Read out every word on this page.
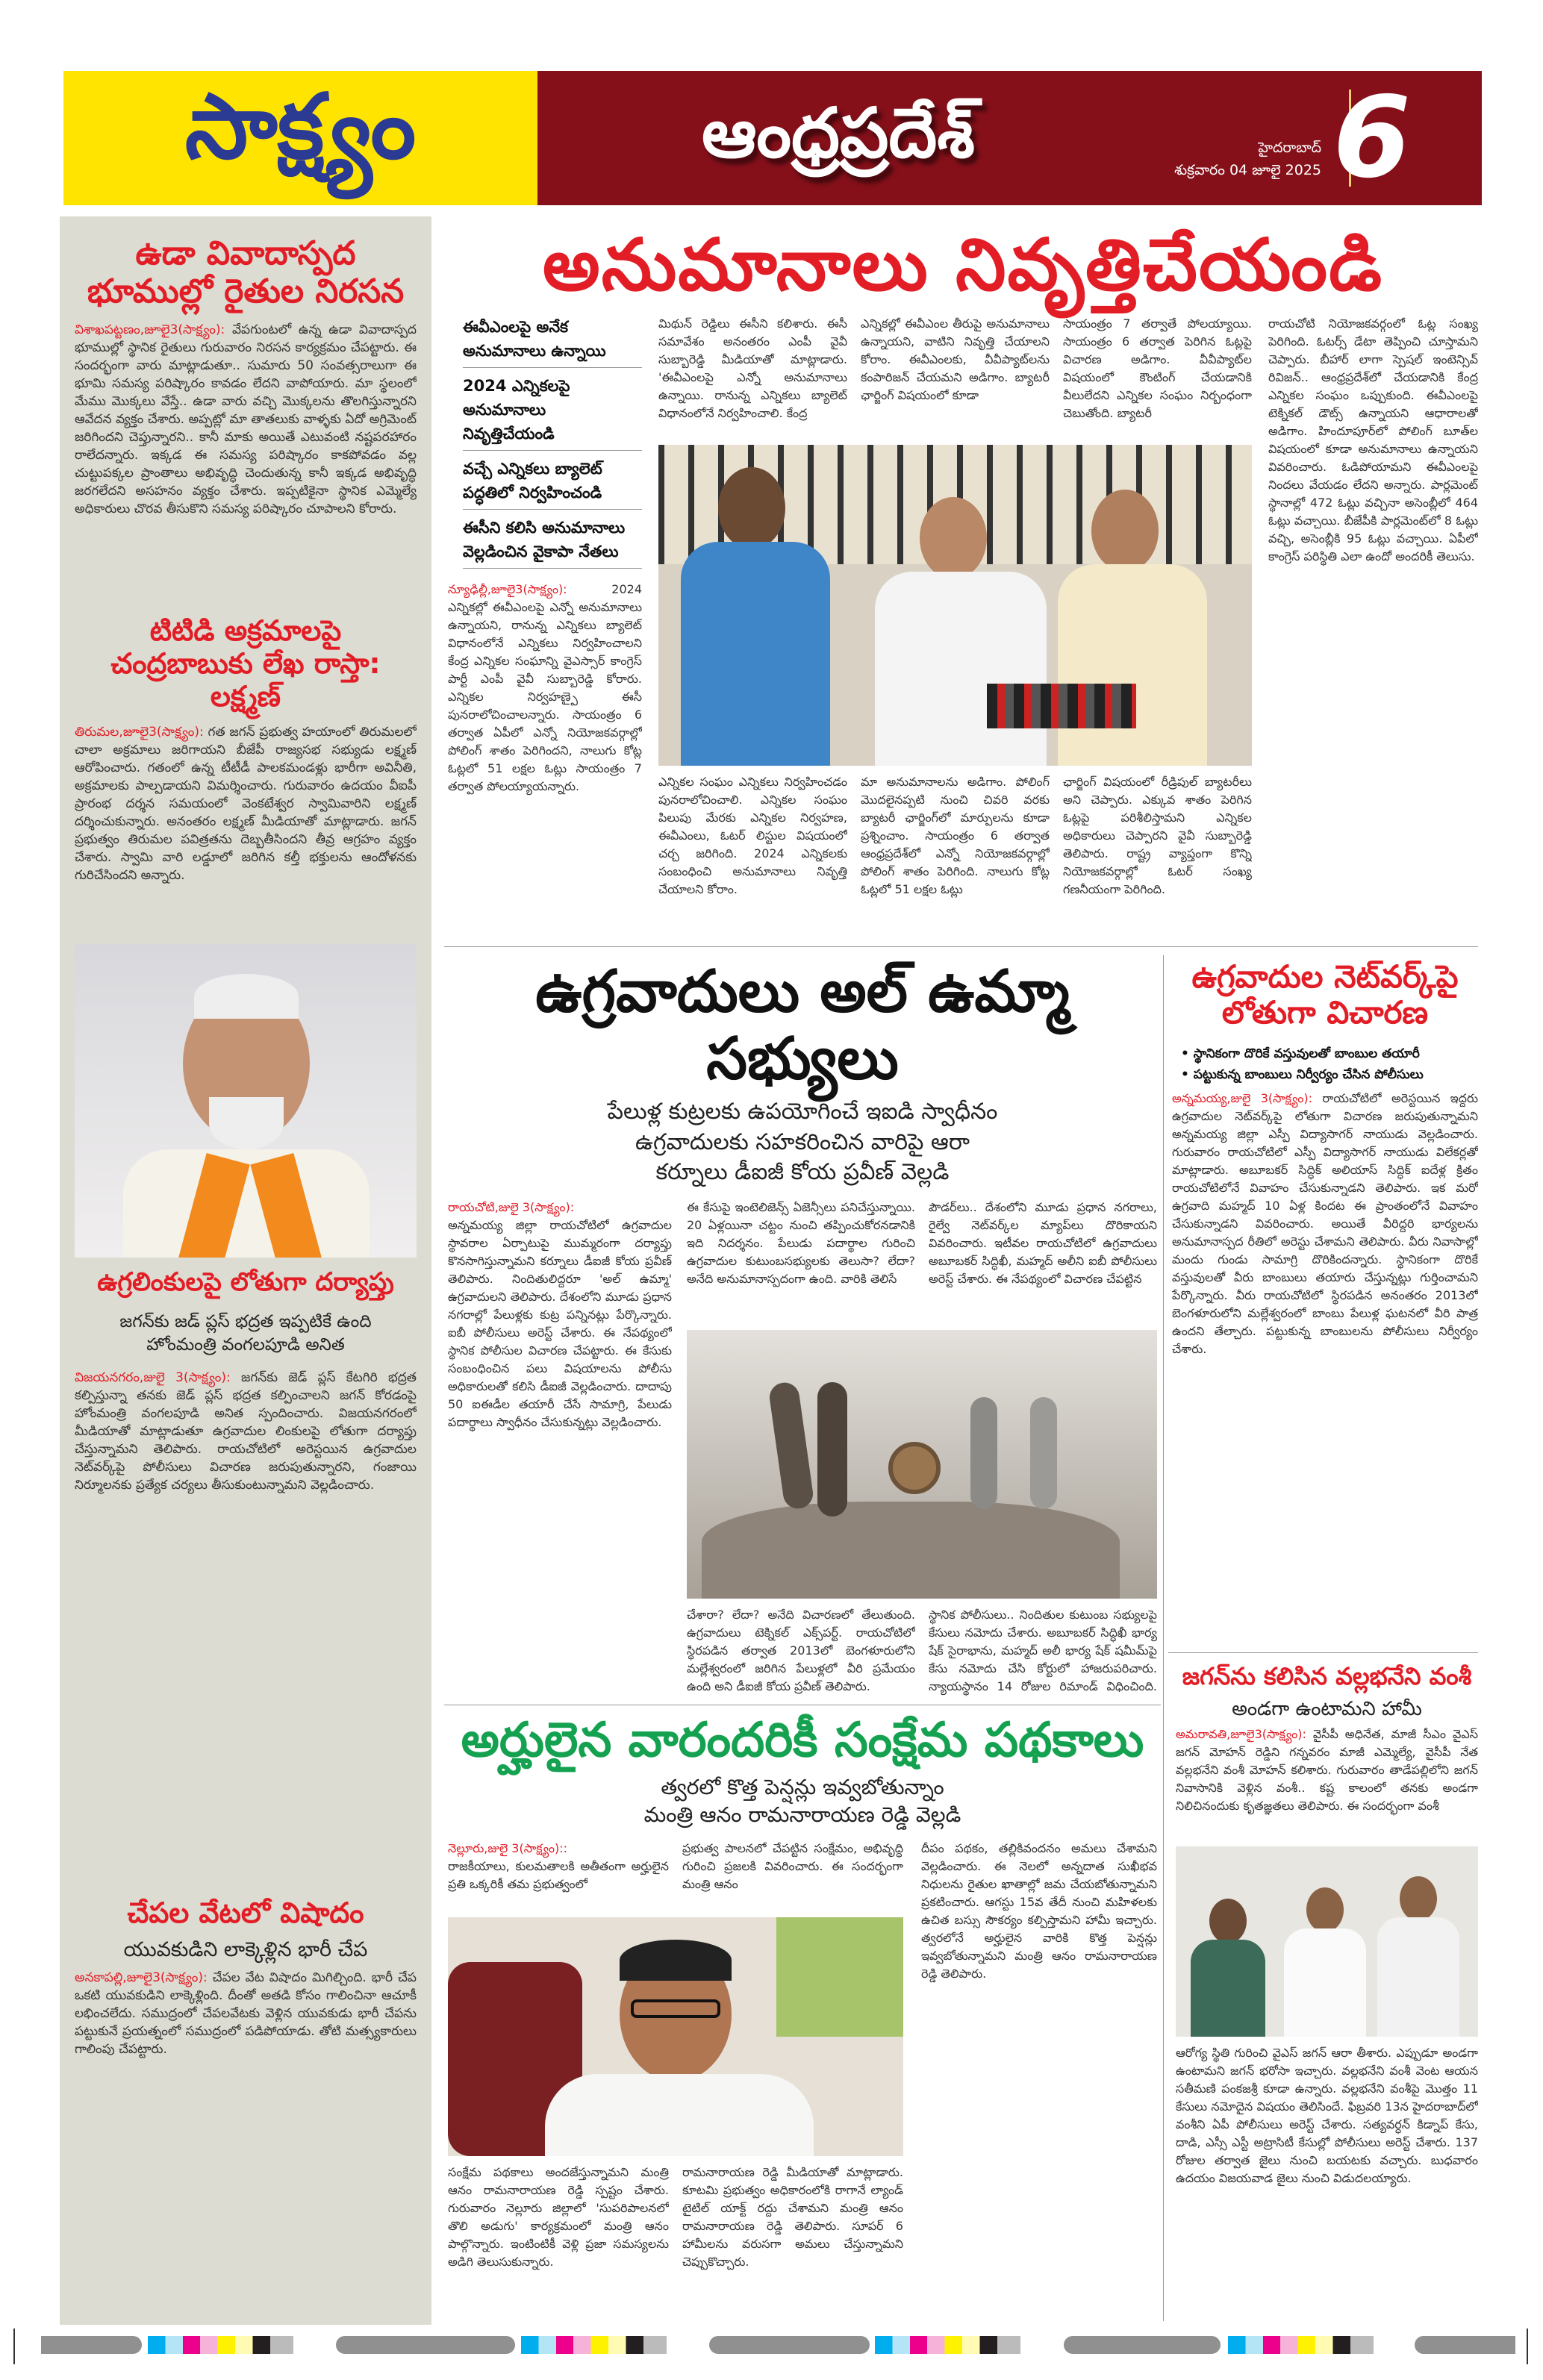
సాక్ష్యం	ఆంధ్రప్రదేశ్	హైదరాబాద్
శుక్రవారం 04 జూలై 2025 6
ఉడా వివాదాస్పద భూముల్లో రైతుల నిరసన
విశాఖపట్టణం,జూలై3(సాక్ష్యం): వేపగుంటలో ఉన్న ఉడా వివాదాస్పద భూముల్లో స్థానిక రైతులు గురువారం నిరసన కార్యక్రమం చేపట్టారు. ఈ సందర్భంగా వారు మాట్లాడుతూ.. సుమారు 50 సంవత్సరాలుగా ఈ భూమి సమస్య పరిష్కారం కావడం లేదని వాపోయారు. మా స్థలంలో మేము మొక్కలు వేస్తే.. ఉడా వారు వచ్చి మొక్కలను తొలగిస్తున్నారని ఆవేదన వ్యక్తం చేశారు. అప్పట్లో మా తాతలుకు వాళ్ళకు ఏదో అగ్రిమెంట్ జరిగిందని చెప్తున్నారని.. కానీ మాకు అయితే ఎటువంటి నష్టపరహారం రాలేదన్నారు. ఇక్కడ ఈ సమస్య పరిష్కారం కాకపోవడం వల్ల చుట్టుపక్కల ప్రాంతాలు అభివృద్ధి చెందుతున్న కానీ ఇక్కడ అభివృద్ధి జరగలేదని అసహనం వ్యక్తం చేశారు. ఇప్పటికైనా స్థానిక ఎమ్మెల్యే అధికారులు చొరవ తీసుకొని సమస్య పరిష్కారం చూపాలని కోరారు.
టిటిడి అక్రమాలపై చంద్రబాబుకు లేఖ రాస్తా: లక్ష్మణ్
తిరుమల,జూలై3(సాక్ష్యం): గత జగన్ ప్రభుత్వ హయాంలో తిరుమలలో చాలా అక్రమాలు జరిగాయని బీజేపీ రాజ్యసభ సభ్యుడు లక్ష్మణ్ ఆరోపించారు. గతంలో ఉన్న టీటీడీ పాలకమండళ్లు భారీగా అవినీతి, అక్రమాలకు పాల్పడాయని విమర్శించారు. గురువారం ఉదయం వీఐపీ ప్రారంభ దర్శన సమయంలో వెంకటేశ్వర స్వామివారిని లక్ష్మణ్ దర్శించుకున్నారు. అనంతరం లక్ష్మణ్ మీడియాతో మాట్లాడారు. జగన్ ప్రభుత్వం తిరుమల పవిత్రతను దెబ్బతీసిందని తీవ్ర ఆగ్రహం వ్యక్తం చేశారు. స్వామి వారి లడ్డూలో జరిగిన కల్తీ భక్తులను ఆందోళనకు గురిచేసిందని అన్నారు.
ఉగ్రలింకులపై లోతుగా దర్యాప్తు
జగన్‌కు జడ్ ప్లస్ భద్రత ఇప్పటికే ఉంది
హోంమంత్రి వంగలపూడి అనిత
విజయనగరం,జులై 3(సాక్ష్యం): జగన్‌కు జెడ్ ప్లస్ కేటగిరి భద్రత కల్పిస్తున్నా తనకు జెడ్ ప్లస్ భద్రత కల్పించాలని జగన్ కోరడంపై హోంమంత్రి వంగలపూడి అనిత స్పందించారు. విజయనగరంలో మీడియాతో మాట్లాడుతూ ఉగ్రవాదుల లింకులపై లోతుగా దర్యాప్తు చేస్తున్నామని తెలిపారు. రాయచోటిలో అరెస్టయిన ఉగ్రవాదుల నెట్‌వర్క్‌పై పోలీసులు విచారణ జరుపుతున్నారని, గంజాయి నిర్మూలనకు ప్రత్యేక చర్యలు తీసుకుంటున్నామని వెల్లడించారు.
చేపల వేటలో విషాదం
యువకుడిని లాక్కెళ్లిన భారీ చేప
అనకాపల్లి,జూలై3(సాక్ష్యం): చేపల వేట విషాదం మిగిల్చింది. భారీ చేప ఒకటి యువకుడిని లాక్కెళ్లింది. దీంతో అతడి కోసం గాలించినా ఆచూకీ లభించలేదు. సముద్రంలో చేపలవేటకు వెళ్లిన యువకుడు భారీ చేపను పట్టుకునే ప్రయత్నంలో సముద్రంలో పడిపోయాడు. తోటి మత్స్యకారులు గాలింపు చేపట్టారు.
అనుమానాలు నివృత్తిచేయండి
ఈవీఎంలపై అనేక అనుమానాలు ఉన్నాయి
2024 ఎన్నికలపై అనుమానాలు నివృత్తిచేయండి
వచ్చే ఎన్నికలు బ్యాలెట్ పద్ధతిలో నిర్వహించండి
ఈసీని కలిసి అనుమానాలు వెల్లడించిన వైకాపా నేతలు
న్యూఢిల్లీ,జూలై3(సాక్ష్యం): 2024 ఎన్నికల్లో ఈవీఎంలపై ఎన్నో అనుమానాలు ఉన్నాయని, రానున్న ఎన్నికలు బ్యాలెట్ విధానంలోనే ఎన్నికలు నిర్వహించాలని కేంద్ర ఎన్నికల సంఘాన్ని వైఎస్సార్ కాంగ్రెస్ పార్టీ ఎంపీ వైవీ సుబ్బారెడ్డి కోరారు. ఎన్నికల నిర్వహణ్పై ఈసీ పునరాలోచించాలన్నారు. సాయంత్రం 6 తర్వాత ఏపీలో ఎన్నో నియోజకవర్గాల్లో పోలింగ్ శాతం పెరిగిందని, నాలుగు కోట్ల ఓట్లలో 51 లక్షల ఓట్లు సాయంత్రం 7 తర్వాత పోలయ్యాయన్నారు.
మిథున్ రెడ్డిలు ఈసీని కలిశారు. ఈసీ సమావేశం అనంతరం ఎంపీ వైవీ సుబ్బారెడ్డి మీడియాతో మాట్లాడారు. 'ఈవీఎంలపై ఎన్నో అనుమానాలు ఉన్నాయి. రానున్న ఎన్నికలు బ్యాలెట్ విధానంలోనే నిర్వహించాలి. కేంద్ర
ఎన్నికల్లో ఈవీఎంల తీరుపై అనుమానాలు ఉన్నాయని, వాటిని నివృత్తి చేయాలని కోరాం. ఈవీఎంలకు, వీవీప్యాట్‌లను కంపారిజన్ చేయమని అడిగాం. బ్యాటరీ ఛార్జింగ్ విషయంలో కూడా
సాయంత్రం 7 తర్వాతే పోలయ్యాయి. సాయంత్రం 6 తర్వాత పెరిగిన ఓట్లపై విచారణ అడిగాం. వీవీప్యాట్‌ల విషయంలో కౌంటింగ్ చేయడానికి వీలులేదని ఎన్నికల సంఘం నిర్బంధంగా చెబుతోంది. బ్యాటరీ
ఎన్నికల సంఘం ఎన్నికలు నిర్వహించడం పునరాలోచించాలి. ఎన్నికల సంఘం పిలుపు మేరకు ఎన్నికల నిర్వహణ, ఈవీఎంలు, ఓటర్ లిస్టుల విషయంలో చర్చ జరిగింది. 2024 ఎన్నికలకు సంబంధించి అనుమానాలు నివృత్తి చేయాలని కోరాం.
మా అనుమానాలను అడిగాం. పోలింగ్ మొదలైనప్పటి నుంచి చివరి వరకు బ్యాటరీ ఛార్జింగ్‌లో మార్పులను కూడా ప్రశ్నించాం. సాయంత్రం 6 తర్వాత ఆంధ్రప్రదేశ్‌లో ఎన్నో నియోజకవర్గాల్లో పోలింగ్ శాతం పెరిగింది. నాలుగు కోట్ల ఓట్లలో 51 లక్షల ఓట్లు
ఛార్జింగ్ విషయంలో రీడ్రిపుల్ బ్యాటరీలు అని చెప్పారు. ఎక్కువ శాతం పెరిగిన ఓట్లపై పరిశీలిస్తామని ఎన్నికల అధికారులు చెప్పారని వైవీ సుబ్బారెడ్డి తెలిపారు. రాష్ట్ర వ్యాప్తంగా కొన్ని నియోజకవర్గాల్లో ఓటర్ సంఖ్య గణనీయంగా పెరిగింది.
రాయచోటి నియోజకవర్గంలో ఓట్ల సంఖ్య పెరిగింది. ఓటర్స్ డేటా తెప్పించి చూస్తామని చెప్పారు. బీహార్ లాగా స్పెషల్ ఇంటెన్సివ్ రివిజన్.. ఆంధ్రప్రదేశ్‌లో చేయడానికి కేంద్ర ఎన్నికల సంఘం ఒప్పుకుంది. ఈవీఎంలపై టెక్నికల్ డౌట్స్ ఉన్నాయని ఆధారాలతో అడిగాం. హిందూపూర్‌లో పోలింగ్ బూత్‌ల విషయంలో కూడా అనుమానాలు ఉన్నాయని వివరించారు. ఓడిపోయామని ఈవీఎంలపై నిందలు వేయడం లేదని అన్నారు. పార్లమెంట్ స్థానాల్లో 472 ఓట్లు వచ్చినా అసెంబ్లీలో 464 ఓట్లు వచ్చాయి. బీజేపీకి పార్లమెంట్‌లో 8 ఓట్లు వచ్చి, అసెంబ్లీకి 95 ఓట్లు వచ్చాయి. ఏపీలో కాంగ్రెస్ పరిస్థితి ఎలా ఉందో అందరికీ తెలుసు.
ఉగ్రవాదులు అల్ ఉమ్మా సభ్యులు
పేలుళ్ల కుట్రలకు ఉపయోగించే ఇఐడి స్వాధీనం
ఉగ్రవాదులకు సహకరించిన వారిపై ఆరా
కర్నూలు డీఐజీ కోయ ప్రవీణ్ వెల్లడి
రాయచోటి,జులై 3(సాక్ష్యం):
అన్నమయ్య జిల్లా రాయచోటిలో ఉగ్రవాదుల స్థావరాల ఏర్పాటుపై ముమ్మరంగా దర్యాప్తు కొనసాగిస్తున్నామని కర్నూలు డీఐజీ కోయ ప్రవీణ్ తెలిపారు. నిందితులిద్దరూ 'అల్ ఉమ్మా' ఉగ్రవాదులని తెలిపారు. దేశంలోని మూడు ప్రధాన నగరాల్లో పేలుళ్లకు కుట్ర పన్నినట్లు పేర్కొన్నారు. ఐబీ పోలీసులు అరెస్ట్ చేశారు. ఈ నేపథ్యంలో స్థానిక పోలీసుల విచారణ చేపట్టారు. ఈ కేసుకు సంబంధించిన పలు విషయాలను పోలీసు అధికారులతో కలిసి డీఐజీ వెల్లడించారు. దాదాపు 50 ఐఈడీల తయారీ చేసే సామాగ్రి, పేలుడు పదార్థాలు స్వాధీనం చేసుకున్నట్లు వెల్లడించారు.
ఈ కేసుపై ఇంటెలిజెన్స్ ఏజెన్సీలు పనిచేస్తున్నాయి. 20 ఏళ్లయినా చట్టం నుంచి తప్పించుకోరనడానికి ఇది నిదర్శనం. పేలుడు పదార్థాల గురించి ఉగ్రవాదుల కుటుంబసభ్యులకు తెలుసా? లేదా? అనేది అనుమానాస్పదంగా ఉంది. వారికి తెలిసే
పౌడర్‌లు.. దేశంలోని మూడు ప్రధాన నగరాలు, రైల్వే నెట్‌వర్క్‌ల మ్యాప్‌లు దొరికాయని వివరించారు. ఇటీవల రాయచోటిలో ఉగ్రవాదులు అబూబకర్ సిద్ధిఖీ, మహ్మద్ అలీని ఐబీ పోలీసులు అరెస్ట్ చేశారు. ఈ నేపథ్యంలో విచారణ చేపట్టిన
చేశారా? లేదా? అనేది విచారణలో తేలుతుంది. ఉగ్రవాదులు టెక్నికల్ ఎక్స్‌పర్ట్. రాయచోటిలో స్థిరపడిన తర్వాత 2013లో బెంగళూరులోని మల్లేశ్వరంలో జరిగిన పేలుళ్లలో వీరి ప్రమేయం ఉంది అని డీఐజీ కోయ ప్రవీణ్ తెలిపారు.
స్థానిక పోలీసులు.. నిందితుల కుటుంబ సభ్యులపై కేసులు నమోదు చేశారు. అబూబకర్ సిద్ధిఖీ భార్య షేక్ సైరాభాను, మహ్మద్ అలీ భార్య షేక్ షమీమ్‌పై కేసు నమోదు చేసి కోర్టులో హాజరుపరిచారు. న్యాయస్థానం 14 రోజుల రిమాండ్ విధించింది.
ఉగ్రవాదుల నెట్‌వర్క్‌పై లోతుగా విచారణ
• స్థానికంగా దొరికే వస్తువులతో బాంబుల తయారీ
• పట్టుకున్న బాంబులు నిర్వీర్యం చేసిన పోలీసులు
అన్నమయ్య,జులై 3(సాక్ష్యం): రాయచోటిలో అరెస్టయిన ఇద్దరు ఉగ్రవాదుల నెట్‌వర్క్‌పై లోతుగా విచారణ జరుపుతున్నామని అన్నమయ్య జిల్లా ఎస్పీ విద్యాసాగర్ నాయుడు వెల్లడించారు. గురువారం రాయచోటిలో ఎస్పీ విద్యాసాగర్ నాయుడు విలేకర్లతో మాట్లాడారు. అబూబకర్ సిద్ధిక్ అలియాస్ సిద్ధిక్ ఐదేళ్ల క్రితం రాయచోటిలోనే వివాహం చేసుకున్నాడని తెలిపారు. ఇక మరో ఉగ్రవాది మహ్మద్ 10 ఏళ్ల కిందట ఈ ప్రాంతంలోనే వివాహం చేసుకున్నాడని వివరించారు. అయితే వీరిద్దరి భార్యలను అనుమానాస్పద రీతిలో అరెస్టు చేశామని తెలిపారు. వీరు నివాసాల్లో మందు గుండు సామాగ్రి దొరికిందన్నారు. స్థానికంగా దొరికే వస్తువులతో వీరు బాంబులు తయారు చేస్తున్నట్లు గుర్తించామని పేర్కొన్నారు. వీరు రాయచోటిలో స్థిరపడిన అనంతరం 2013లో బెంగళూరులోని మల్లేశ్వరంలో బాంబు పేలుళ్ల ఘటనలో వీరి పాత్ర ఉందని తేల్చారు. పట్టుకున్న బాంబులను పోలీసులు నిర్వీర్యం చేశారు.
జగన్‌ను కలిసిన వల్లభనేని వంశీ
అండగా ఉంటామని హామీ
అమరావతి,జూలై3(సాక్ష్యం): వైసీపీ అధినేత, మాజీ సీఎం వైఎస్ జగన్ మోహన్ రెడ్డిని గన్నవరం మాజీ ఎమ్మెల్యే, వైసీపీ నేత వల్లభనేని వంశీ మోహన్ కలిశారు. గురువారం తాడేపల్లిలోని జగన్ నివాసానికి వెళ్లిన వంశీ.. కష్ట కాలంలో తనకు అండగా నిలిచినందుకు కృతజ్ఞతలు తెలిపారు. ఈ సందర్భంగా వంశీ
ఆరోగ్య స్థితి గురించి వైఎస్ జగన్ ఆరా తీశారు. ఎప్పుడూ అండగా ఉంటామని జగన్ భరోసా ఇచ్చారు. వల్లభనేని వంశీ వెంట ఆయన సతీమణి పంకజశ్రీ కూడా ఉన్నారు. వల్లభనేని వంశీపై మొత్తం 11 కేసులు నమోదైన విషయం తెలిసిందే. ఫిబ్రవరి 13న హైదరాబాద్‌లో వంశీని ఏపీ పోలీసులు అరెస్ట్ చేశారు. సత్యవర్ధన్ కిడ్నాప్ కేసు, దాడి, ఎస్సీ ఎస్టీ అట్రాసిటీ కేసుల్లో పోలీసులు అరెస్ట్ చేశారు. 137 రోజుల తర్వాత జైలు నుంచి బయటకు వచ్చారు. బుధవారం ఉదయం విజయవాడ జైలు నుంచి విడుదలయ్యారు.
అర్హులైన వారందరికీ సంక్షేమ పథకాలు
త్వరలో కొత్త పెన్షన్లు ఇవ్వబోతున్నాం
మంత్రి ఆనం రామనారాయణ రెడ్డి వెల్లడి
నెల్లూరు,జులై 3(సాక్ష్యం)::
రాజకీయాలు, కులమతాలకి అతీతంగా అర్హులైన ప్రతి ఒక్కరికీ తమ ప్రభుత్వంలో
ప్రభుత్వ పాలనలో చేపట్టిన సంక్షేమం, అభివృద్ధి గురించి ప్రజలకి వివరించారు. ఈ సందర్భంగా మంత్రి ఆనం
సంక్షేమ పథకాలు అందజేస్తున్నామని మంత్రి ఆనం రామనారాయణ రెడ్డి స్పష్టం చేశారు. గురువారం నెల్లూరు జిల్లాలో 'సుపరిపాలనలో తొలి అడుగు' కార్యక్రమంలో మంత్రి ఆనం పాల్గొన్నారు. ఇంటింటికీ వెళ్లి ప్రజా సమస్యలను అడిగి తెలుసుకున్నారు.
రామనారాయణ రెడ్డి మీడియాతో మాట్లాడారు. కూటమి ప్రభుత్వం అధికారంలోకి రాగానే ల్యాండ్ టైటిల్ యాక్ట్ రద్దు చేశామని మంత్రి ఆనం రామనారాయణ రెడ్డి తెలిపారు. సూపర్ 6 హామీలను వరుసగా అమలు చేస్తున్నామని చెప్పుకొచ్చారు.
దీపం పథకం, తల్లికివందనం అమలు చేశామని వెల్లడించారు. ఈ నెలలో అన్నదాత సుఖీభవ నిధులను రైతుల ఖాతాల్లో జమ చేయబోతున్నామని ప్రకటించారు. ఆగస్టు 15వ తేదీ నుంచి మహిళలకు ఉచిత బస్సు సౌకర్యం కల్పిస్తామని హామీ ఇచ్చారు. త్వరలోనే అర్హులైన వారికి కొత్త పెన్షన్లు ఇవ్వబోతున్నామని మంత్రి ఆనం రామనారాయణ రెడ్డి తెలిపారు.
